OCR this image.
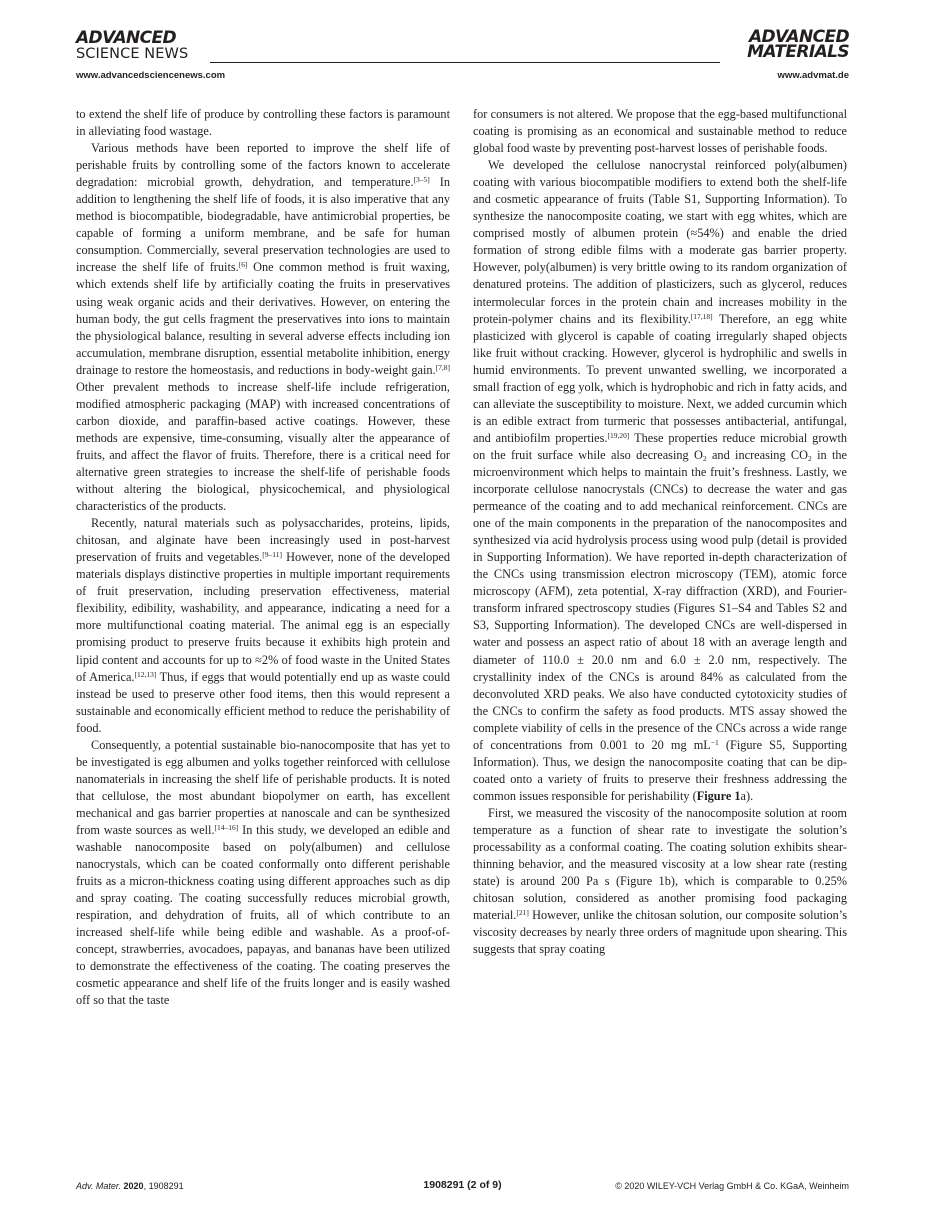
ADVANCED
SCIENCE NEWS
ADVANCED
MATERIALS
www.advancedsciencenews.com	www.advmat.de

to extend the shelf life of produce by controlling these factors is paramount in alleviating food wastage.

Various methods have been reported to improve the shelf life of perishable fruits by controlling some of the factors known to accelerate degradation: microbial growth, dehydration, and temperature.[3–5] In addition to lengthening the shelf life of foods, it is also imperative that any method is biocompatible, biodegradable, have antimicrobial properties, be capable of forming a uniform membrane, and be safe for human consumption. Commercially, several preservation technologies are used to increase the shelf life of fruits.[6] One common method is fruit waxing, which extends shelf life by artificially coating the fruits in preservatives using weak organic acids and their derivatives. However, on entering the human body, the gut cells fragment the preservatives into ions to maintain the physiological balance, resulting in several adverse effects including ion accumulation, membrane disruption, essential metabolite inhibition, energy drainage to restore the homeostasis, and reductions in body-weight gain.[7,8] Other prevalent methods to increase shelf-life include refrigeration, modified atmospheric packaging (MAP) with increased concentrations of carbon dioxide, and paraffin-based active coatings. However, these methods are expensive, time-consuming, visually alter the appearance of fruits, and affect the flavor of fruits. Therefore, there is a critical need for alternative green strategies to increase the shelf-life of perishable foods without altering the biological, physicochemical, and physiological characteristics of the products.

Recently, natural materials such as polysaccharides, proteins, lipids, chitosan, and alginate have been increasingly used in post-harvest preservation of fruits and vegetables.[9–11] However, none of the developed materials displays distinctive properties in multiple important requirements of fruit preservation, including preservation effectiveness, material flexibility, edibility, washability, and appearance, indicating a need for a more multifunctional coating material. The animal egg is an especially promising product to preserve fruits because it exhibits high protein and lipid content and accounts for up to ≈2% of food waste in the United States of America.[12,13] Thus, if eggs that would potentially end up as waste could instead be used to preserve other food items, then this would represent a sustainable and economically efficient method to reduce the perishability of food.

Consequently, a potential sustainable bio-nanocomposite that has yet to be investigated is egg albumen and yolks together reinforced with cellulose nanomaterials in increasing the shelf life of perishable products. It is noted that cellulose, the most abundant biopolymer on earth, has excellent mechanical and gas barrier properties at nanoscale and can be synthesized from waste sources as well.[14–16] In this study, we developed an edible and washable nanocomposite based on poly(albumen) and cellulose nanocrystals, which can be coated conformally onto different perishable fruits as a micron-thickness coating using different approaches such as dip and spray coating. The coating successfully reduces microbial growth, respiration, and dehydration of fruits, all of which contribute to an increased shelf-life while being edible and washable. As a proof-of-concept, strawberries, avocadoes, papayas, and bananas have been utilized to demonstrate the effectiveness of the coating. The coating preserves the cosmetic appearance and shelf life of the fruits longer and is easily washed off so that the taste

for consumers is not altered. We propose that the egg-based multifunctional coating is promising as an economical and sustainable method to reduce global food waste by preventing post-harvest losses of perishable foods.

We developed the cellulose nanocrystal reinforced poly(albumen) coating with various biocompatible modifiers to extend both the shelf-life and cosmetic appearance of fruits (Table S1, Supporting Information). To synthesize the nanocomposite coating, we start with egg whites, which are comprised mostly of albumen protein (≈54%) and enable the dried formation of strong edible films with a moderate gas barrier property. However, poly(albumen) is very brittle owing to its random organization of denatured proteins. The addition of plasticizers, such as glycerol, reduces intermolecular forces in the protein chain and increases mobility in the protein-polymer chains and its flexibility.[17,18] Therefore, an egg white plasticized with glycerol is capable of coating irregularly shaped objects like fruit without cracking. However, glycerol is hydrophilic and swells in humid environments. To prevent unwanted swelling, we incorporated a small fraction of egg yolk, which is hydrophobic and rich in fatty acids, and can alleviate the susceptibility to moisture. Next, we added curcumin which is an edible extract from turmeric that possesses antibacterial, antifungal, and antibiofilm properties.[19,20] These properties reduce microbial growth on the fruit surface while also decreasing $O_2$ and increasing $CO_2$ in the microenvironment which helps to maintain the fruit’s freshness. Lastly, we incorporate cellulose nanocrystals (CNCs) to decrease the water and gas permeance of the coating and to add mechanical reinforcement. CNCs are one of the main components in the preparation of the nanocomposites and synthesized via acid hydrolysis process using wood pulp (detail is provided in Supporting Information). We have reported in-depth characterization of the CNCs using transmission electron microscopy (TEM), atomic force microscopy (AFM), zeta potential, X-ray diffraction (XRD), and Fourier-transform infrared spectroscopy studies (Figures S1–S4 and Tables S2 and S3, Supporting Information). The developed CNCs are well-dispersed in water and possess an aspect ratio of about 18 with an average length and diameter of 110.0 ± 20.0 nm and 6.0 ± 2.0 nm, respectively. The crystallinity index of the CNCs is around 84% as calculated from the deconvoluted XRD peaks. We also have conducted cytotoxicity studies of the CNCs to confirm the safety as food products. MTS assay showed the complete viability of cells in the presence of the CNCs across a wide range of concentrations from 0.001 to 20 mg $mL^{-1}$ (Figure S5, Supporting Information). Thus, we design the nanocomposite coating that can be dip-coated onto a variety of fruits to preserve their freshness addressing the common issues responsible for perishability (Figure 1a).

First, we measured the viscosity of the nanocomposite solution at room temperature as a function of shear rate to investigate the solution’s processability as a conformal coating. The coating solution exhibits shear-thinning behavior, and the measured viscosity at a low shear rate (resting state) is around 200 Pa s (Figure 1b), which is comparable to 0.25% chitosan solution, considered as another promising food packaging material.[21] However, unlike the chitosan solution, our composite solution’s viscosity decreases by nearly three orders of magnitude upon shearing. This suggests that spray coating

Adv. Mater. 2020, 1908291	1908291 (2 of 9)	© 2020 WILEY-VCH Verlag GmbH & Co. KGaA, Weinheim
